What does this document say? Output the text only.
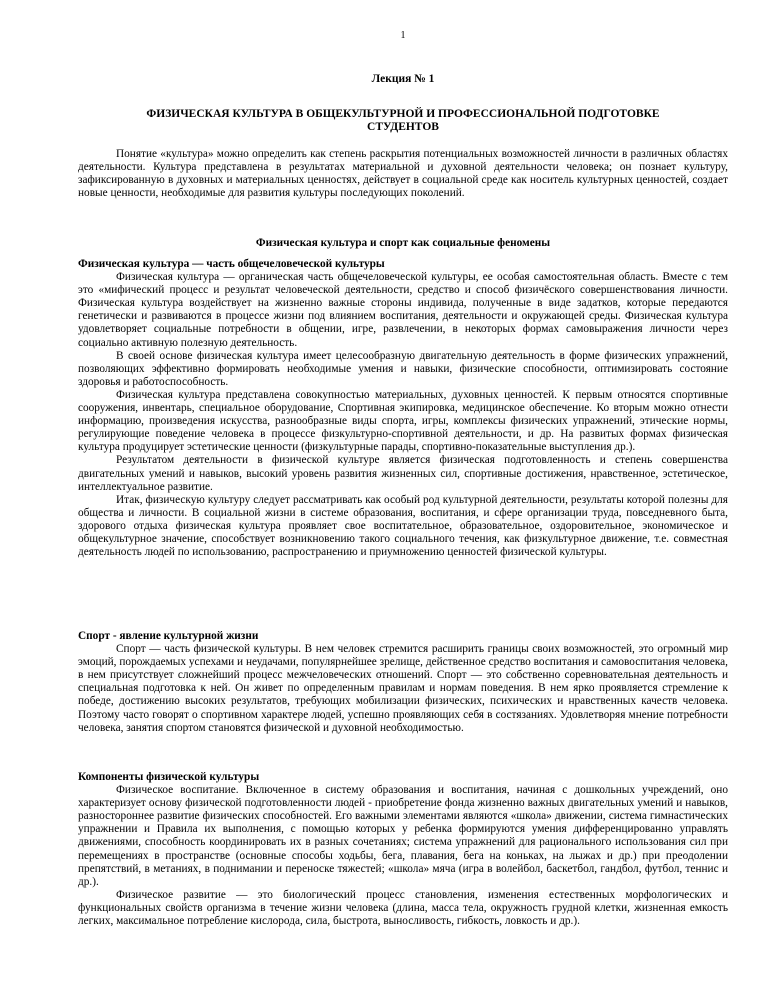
1
Лекция № 1
ФИЗИЧЕСКАЯ КУЛЬТУРА В ОБЩЕКУЛЬТУРНОЙ И ПРОФЕССИОНАЛЬНОЙ ПОДГОТОВКЕ
СТУДЕНТОВ

Понятие «культура» можно определить как степень раскрытия потенциальных возможностей личности в различных областях деятельности. Культура представлена в результатах материальной и духовной деятельности человека; он познает культуру, зафиксированную в духовных и материальных ценностях, действует в социальной среде как носитель культурных ценностей, создает новые ценности, необходимые для развития культуры последующих поколений.

Физическая культура и спорт как социальные феномены

Физическая культура — часть общечеловеческой культуры

Физическая культура — органическая часть общечеловеческой культуры, ее особая самостоятельная область. Вместе с тем это «мифический процесс и результат человеческой деятельности, средство и способ физичёского совершенствования личности. Физическая культура воздействует на жизненно важные стороны индивида, полученные в виде задатков, которые передаются генетически и развиваются в процессе жизни под влиянием воспитания, деятельности и окружающей среды. Физическая культура удовлетворяет социальные потребности в общении, игре, развлечении, в некоторых формах самовыражения личности через социально активную полезную деятельность.

В своей основе физическая культура имеет целесообразную двигательную деятельность в форме физических упражнений, позволяющих эффективно формировать необходимые умения и навыки, физические способности, оптимизировать состояние здоровья и работоспособность.

Физическая культура представлена совокупностью материальных, духовных ценностей. К первым относятся спортивные сооружения, инвентарь, специальное оборудование, Спортивная экипировка, медицинское обеспечение. Ко вторым можно отнести информацию, произведения искусства, разнообразные виды спорта, игры, комплексы физических упражнений, этические нормы, регулирующие поведение человека в процессе физкультурно-спортивной деятельности, и др. На развитых формах физическая культура продуцирует эстетические ценности (физкультурные парады, спортивно-показательные выступления др.).

Результатом деятельности в физической культуре является физическая подготовленность и степень совершенства двигательных умений и навыков, высокий уровень развития жизненных сил, спортивные достижения, нравственное, эстетическое, интеллектуальное развитие.

Итак, физическую культуру следует рассматривать как особый род культурной деятельности, результаты которой полезны для общества и личности. В социальной жизни в системе образования, воспитания, и сфере организации труда, повседневного быта, здорового отдыха физическая культура проявляет свое воспитательное, образовательное, оздоровительное, экономическое и общекультурное значение, способствует возникновению такого социального течения, как физкультурное движение, т.е. совместная деятельность людей по использованию, распространению и приумножению ценностей физической культуры.

Спорт - явление культурной жизни

Спорт — часть физической культуры. В нем человек стремится расширить границы своих возможностей, это огромный мир эмоций, порождаемых успехами и неудачами, популярнейшее зрелище, действенное средство воспитания и самовоспитания человека, в нем присутствует сложнейший процесс межчеловеческих отношений. Спорт — это собственно соревновательная деятельность и специальная подготовка к ней. Он живет по определенным правилам и нормам поведения. В нем ярко проявляется стремление к победе, достижению высоких результатов, требующих мобилизации физических, психических и нравственных качеств человека. Поэтому часто говорят о спортивном характере людей, успешно проявляющих себя в состязаниях. Удовлетворяя мнение потребности человека, занятия спортом становятся физической и духовной необходимостью.

Компоненты физической культуры

Физическое воспитание. Включенное в систему образования и воспитания, начиная с дошкольных учреждений, оно характеризует основу физической подготовленности людей - приобретение фонда жизненно важных двигательных умений и навыков, разностороннее развитие физических способностей. Его важными элементами являются «школа» движении, система гимнастических упражнении и Правила их выполнения, с помощью которых у ребенка формируются умения дифференцированно управлять движениями, способность координировать их в разных сочетаниях; система упражнений для рационального использования сил при перемещениях в пространстве (основные способы ходьбы, бега, плавания, бега на коньках, на лыжах и др.) при преодолении препятствий, в метаниях, в поднимании и переноске тяжестей; «школа» мяча (игра в волейбол, баскетбол, гандбол, футбол, теннис и др.).

Физическое развитие — это биологический процесс становления, изменения естественных морфологических и функциональных свойств организма в течение жизни человека (длина, масса тела, окружность грудной клетки, жизненная емкость легких, максимальное потребление кислорода, сила, быстрота, выносливость, гибкость, ловкость и др.).
